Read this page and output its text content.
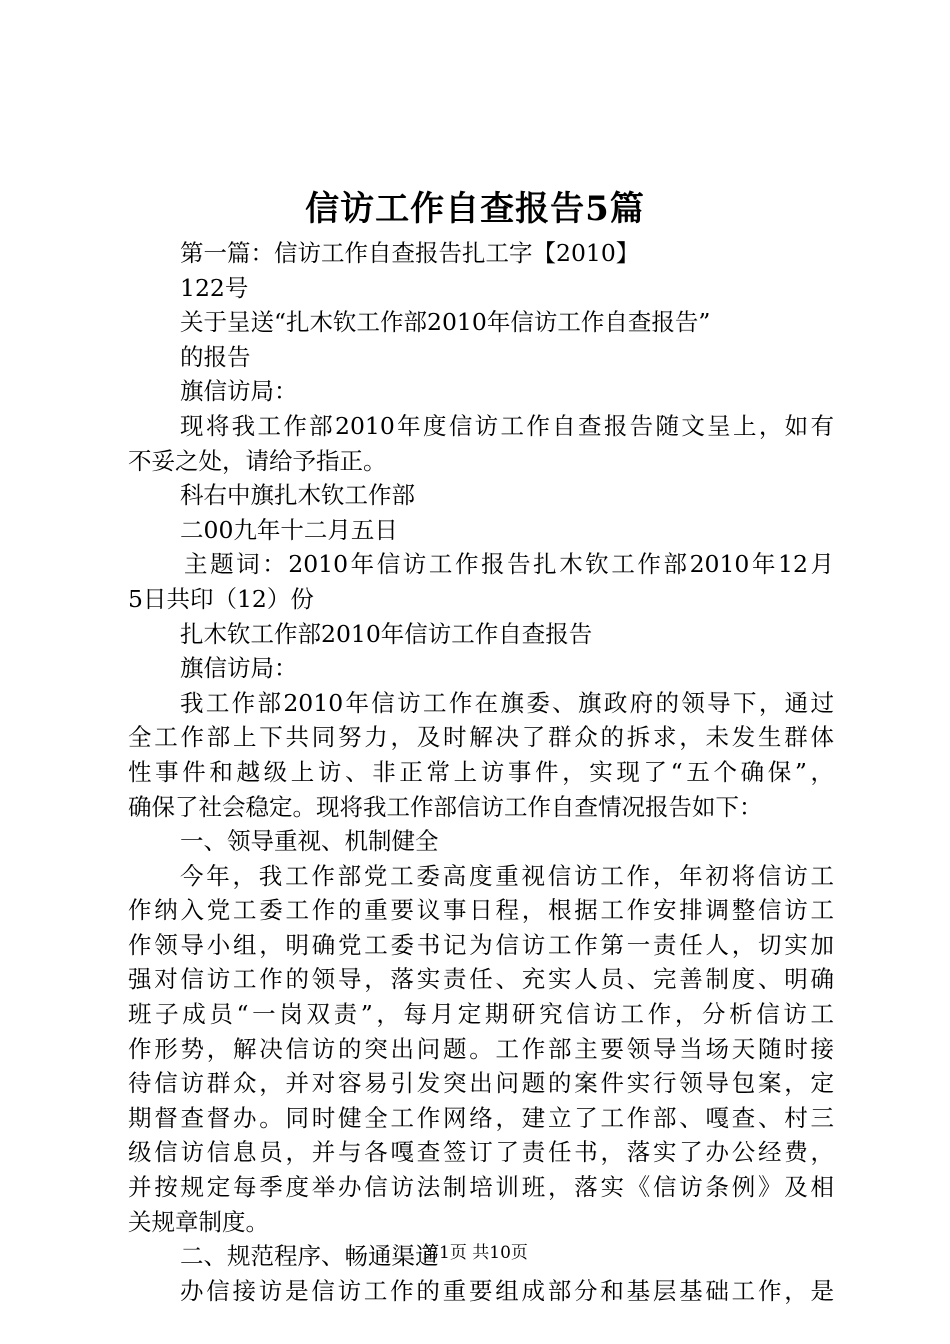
信访工作自查报告5篇
第一篇：信访工作自查报告扎工字【2010】
122号
关于呈送“扎木钦工作部2010年信访工作自查报告”
的报告
旗信访局：
现将我工作部2010年度信访工作自查报告随文呈上，如有
不妥之处，请给予指正。
科右中旗扎木钦工作部
二00九年十二月五日
主题词：2010年信访工作报告扎木钦工作部2010年12月
5日共印（12）份
扎木钦工作部2010年信访工作自查报告
旗信访局：
我工作部2010年信访工作在旗委、旗政府的领导下，通过
全工作部上下共同努力，及时解决了群众的拆求，未发生群体
性事件和越级上访、非正常上访事件，实现了“五个确保”，
确保了社会稳定。现将我工作部信访工作自查情况报告如下：
一、领导重视、机制健全
今年，我工作部党工委高度重视信访工作，年初将信访工
作纳入党工委工作的重要议事日程，根据工作安排调整信访工
作领导小组，明确党工委书记为信访工作第一责任人，切实加
强对信访工作的领导，落实责任、充实人员、完善制度、明确
班子成员“一岗双责”，每月定期研究信访工作，分析信访工
作形势，解决信访的突出问题。工作部主要领导当场天随时接
待信访群众，并对容易引发突出问题的案件实行领导包案，定
期督查督办。同时健全工作网络，建立了工作部、嘎查、村三
级信访信息员，并与各嘎查签订了责任书，落实了办公经费，
并按规定每季度举办信访法制培训班，落实《信访条例》及相
关规章制度。
二、规范程序、畅通渠道
办信接访是信访工作的重要组成部分和基层基础工作，是
第1页 共10页
